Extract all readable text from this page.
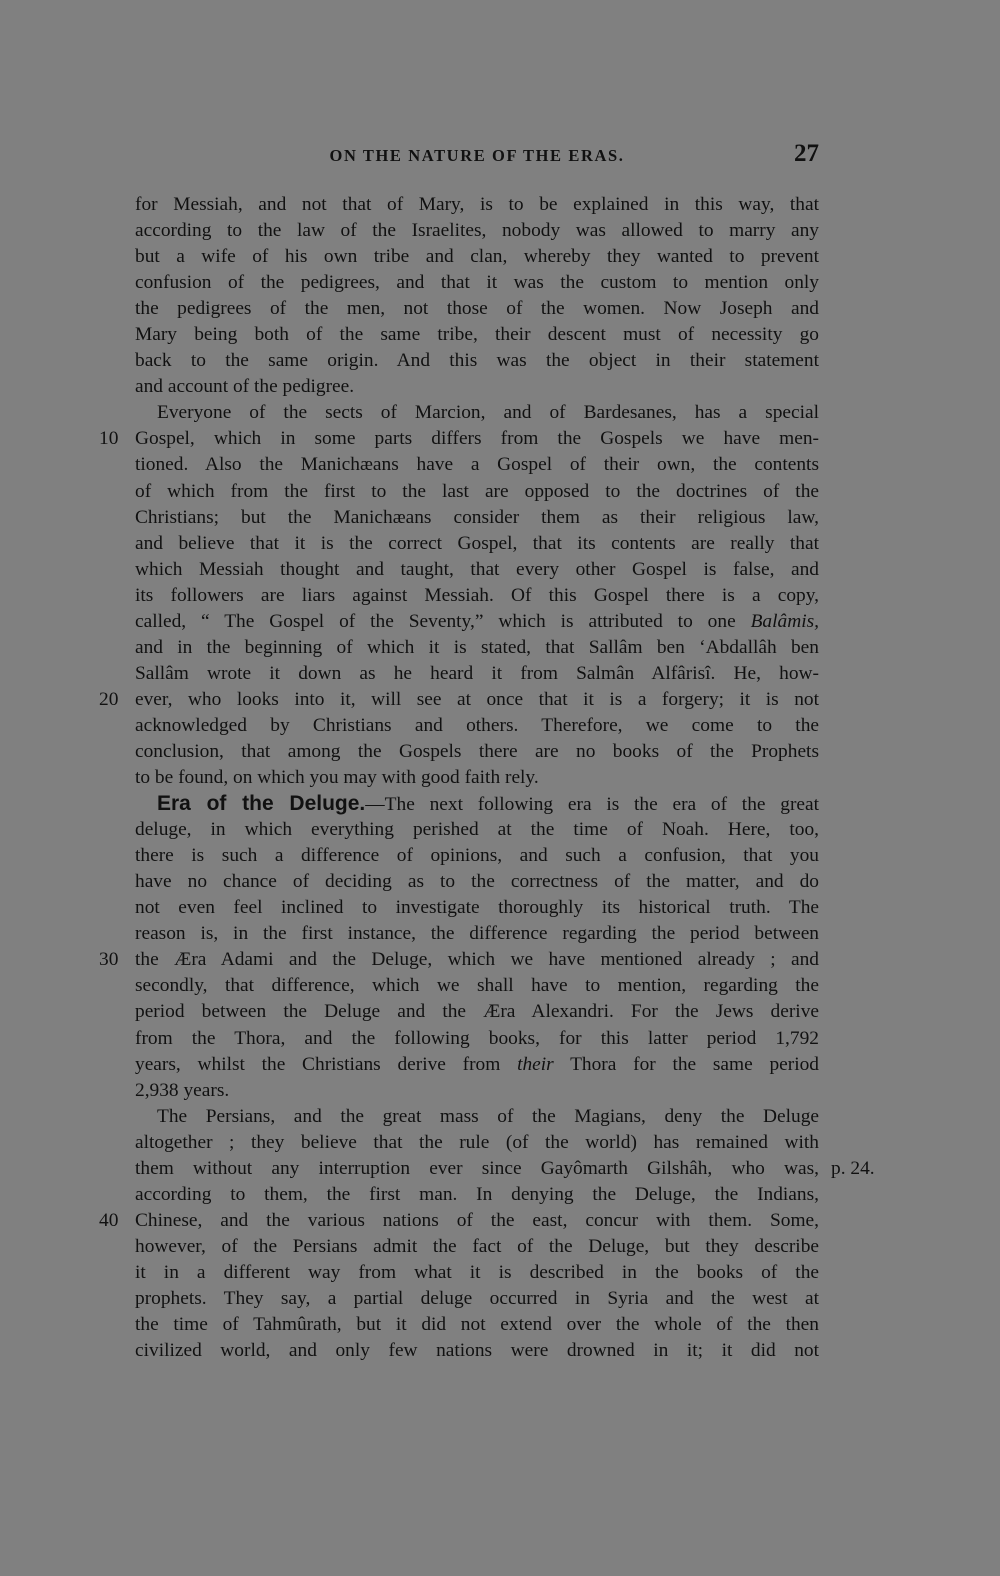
ON THE NATURE OF THE ERAS.	27
for Messiah, and not that of Mary, is to be explained in this way, that
according to the law of the Israelites, nobody was allowed to marry any
but a wife of his own tribe and clan, whereby they wanted to prevent
confusion of the pedigrees, and that it was the custom to mention only
the pedigrees of the men, not those of the women. Now Joseph and
Mary being both of the same tribe, their descent must of necessity go
back to the same origin. And this was the object in their statement
and account of the pedigree.
Everyone of the sects of Marcion, and of Bardesanes, has a special
10 Gospel, which in some parts differs from the Gospels we have men-
tioned. Also the Manichæans have a Gospel of their own, the contents
of which from the first to the last are opposed to the doctrines of the
Christians; but the Manichæans consider them as their religious law,
and believe that it is the correct Gospel, that its contents are really that
which Messiah thought and taught, that every other Gospel is false, and
its followers are liars against Messiah. Of this Gospel there is a copy,
called, “ The Gospel of the Seventy,” which is attributed to one Balâmis,
and in the beginning of which it is stated, that Sallâm ben ‘Abdallâh ben
Sallâm wrote it down as he heard it from Salmân Alfârisî. He, how-
20 ever, who looks into it, will see at once that it is a forgery; it is not
acknowledged by Christians and others. Therefore, we come to the
conclusion, that among the Gospels there are no books of the Prophets
to be found, on which you may with good faith rely.
Era of the Deluge.—The next following era is the era of the great
deluge, in which everything perished at the time of Noah. Here, too,
there is such a difference of opinions, and such a confusion, that you
have no chance of deciding as to the correctness of the matter, and do
not even feel inclined to investigate thoroughly its historical truth. The
reason is, in the first instance, the difference regarding the period between
30 the Æra Adami and the Deluge, which we have mentioned already ; and
secondly, that difference, which we shall have to mention, regarding the
period between the Deluge and the Æra Alexandri. For the Jews derive
from the Thora, and the following books, for this latter period 1,792
years, whilst the Christians derive from their Thora for the same period
2,938 years.
The Persians, and the great mass of the Magians, deny the Deluge
altogether ; they believe that the rule (of the world) has remained with
them without any interruption ever since Gayômarth Gilshâh, who was, p. 24.
according to them, the first man. In denying the Deluge, the Indians,
40 Chinese, and the various nations of the east, concur with them. Some,
however, of the Persians admit the fact of the Deluge, but they describe
it in a different way from what it is described in the books of the
prophets. They say, a partial deluge occurred in Syria and the west at
the time of Tahmûrath, but it did not extend over the whole of the then
civilized world, and only few nations were drowned in it; it did not
